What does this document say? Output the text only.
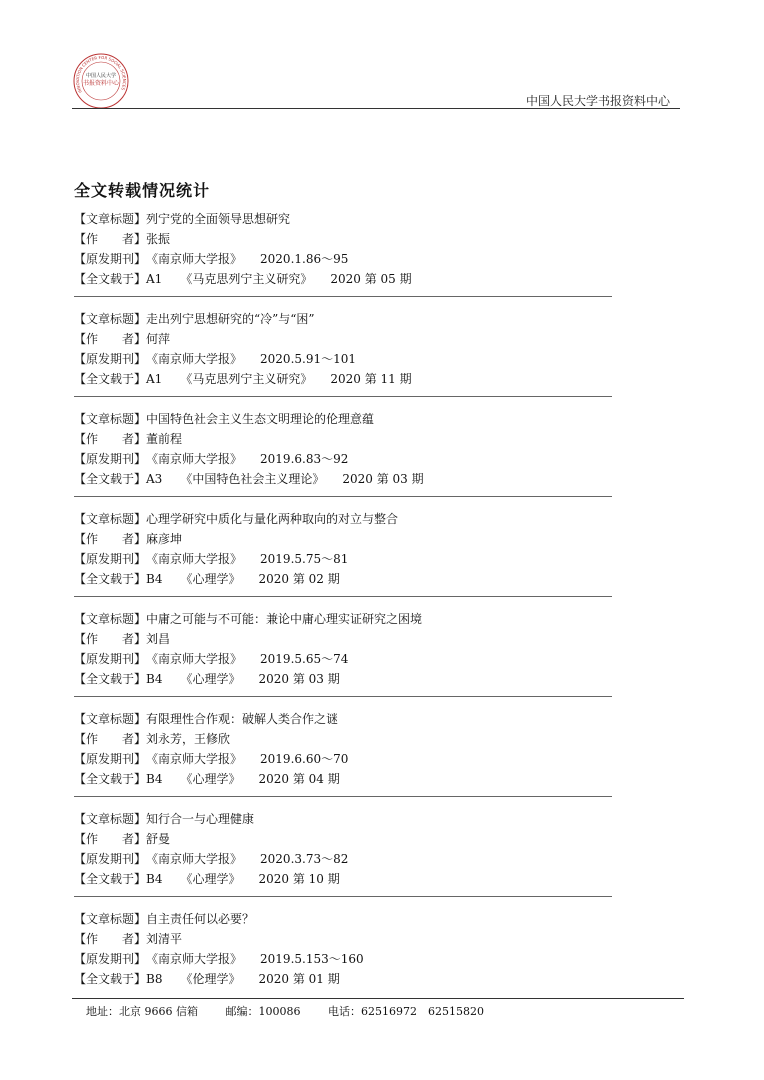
INNOVATION CENTER FOR SOCIAL SCIENCES
中国人民大学
书报资料中心
中国人民大学书报资料中心
全文转载情况统计
【文章标题】列宁党的全面领导思想研究
【作　　者】张振
【原发期刊】《南京师大学报》 2020.1.86～95
【全文载于】A1 《马克思列宁主义研究》 2020 第 05 期
【文章标题】走出列宁思想研究的“冷”与“困”
【作　　者】何萍
【原发期刊】《南京师大学报》 2020.5.91～101
【全文载于】A1 《马克思列宁主义研究》 2020 第 11 期
【文章标题】中国特色社会主义生态文明理论的伦理意蕴
【作　　者】董前程
【原发期刊】《南京师大学报》 2019.6.83～92
【全文载于】A3 《中国特色社会主义理论》 2020 第 03 期
【文章标题】心理学研究中质化与量化两种取向的对立与整合
【作　　者】麻彦坤
【原发期刊】《南京师大学报》 2019.5.75～81
【全文载于】B4 《心理学》 2020 第 02 期
【文章标题】中庸之可能与不可能：兼论中庸心理实证研究之困境
【作　　者】刘昌
【原发期刊】《南京师大学报》 2019.5.65～74
【全文载于】B4 《心理学》 2020 第 03 期
【文章标题】有限理性合作观：破解人类合作之谜
【作　　者】刘永芳，王修欣
【原发期刊】《南京师大学报》 2019.6.60～70
【全文载于】B4 《心理学》 2020 第 04 期
【文章标题】知行合一与心理健康
【作　　者】舒曼
【原发期刊】《南京师大学报》 2020.3.73～82
【全文载于】B4 《心理学》 2020 第 10 期
【文章标题】自主责任何以必要？
【作　　者】刘清平
【原发期刊】《南京师大学报》 2019.5.153～160
【全文载于】B8 《伦理学》 2020 第 01 期
地址：北京 9666 信箱	邮编：100086	电话：62516972　62515820
